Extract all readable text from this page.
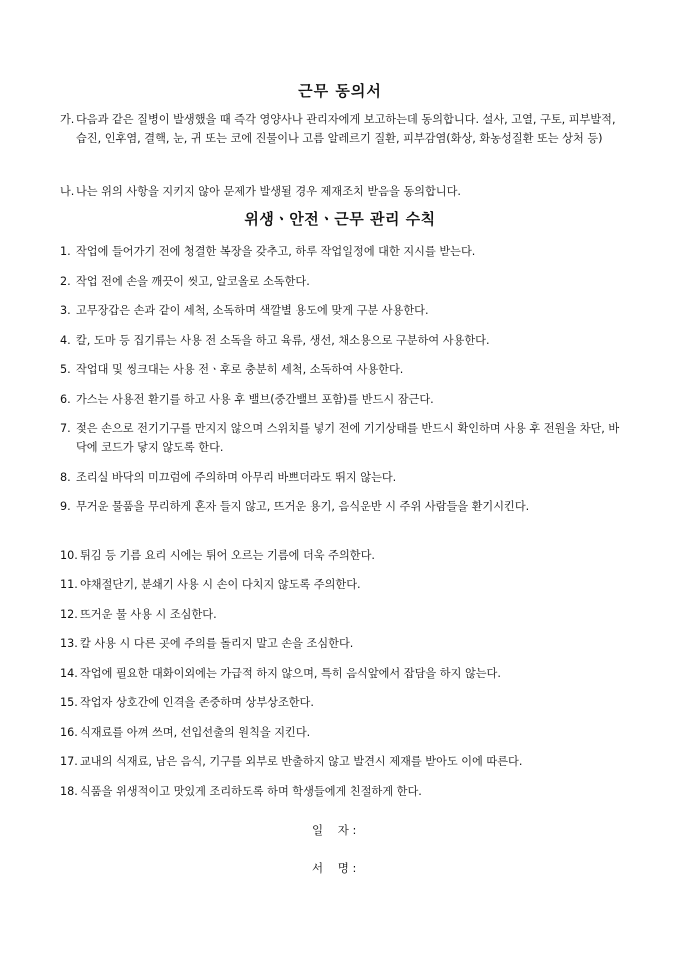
근무 동의서
가. 다음과 같은 질병이 발생했을 때 즉각 영양사나 관리자에게 보고하는데 동의합니다. 설사, 고열, 구토, 피부발적, 습진, 인후염, 결핵, 눈, 귀 또는 코에 진물이나 고름 알레르기 질환, 피부감염(화상, 화농성질환 또는 상처 등)
나. 나는 위의 사항을 지키지 않아 문제가 발생될 경우 제재조치 받음을 동의합니다.
위생ㆍ안전ㆍ근무 관리 수칙
1. 작업에 들어가기 전에 청결한 복장을 갖추고, 하루 작업일정에 대한 지시를 받는다.
2. 작업 전에 손을 깨끗이 씻고, 알코올로 소독한다.
3. 고무장갑은 손과 같이 세척, 소독하며 색깔별 용도에 맞게 구분 사용한다.
4. 칼, 도마 등 집기류는 사용 전 소독을 하고 육류, 생선, 채소용으로 구분하여 사용한다.
5. 작업대 및 씽크대는 사용 전ㆍ후로 충분히 세척, 소독하여 사용한다.
6. 가스는 사용전 환기를 하고 사용 후 밸브(중간밸브 포함)를 반드시 잠근다.
7. 젖은 손으로 전기기구를 만지지 않으며 스위치를 넣기 전에 기기상태를 반드시 확인하며 사용 후 전원을 차단, 바닥에 코드가 닿지 않도록 한다.
8. 조리실 바닥의 미끄럼에 주의하며 아무리 바쁘더라도 뛰지 않는다.
9. 무거운 물품을 무리하게 혼자 들지 않고, 뜨거운 용기, 음식운반 시 주위 사람들을 환기시킨다.
10. 튀김 등 기름 요리 시에는 튀어 오르는 기름에 더욱 주의한다.
11. 야채절단기, 분쇄기 사용 시 손이 다치지 않도록 주의한다.
12. 뜨거운 물 사용 시 조심한다.
13. 칼 사용 시 다른 곳에 주의를 돌리지 말고 손을 조심한다.
14. 작업에 필요한 대화이외에는 가급적 하지 않으며, 특히 음식앞에서 잡담을 하지 않는다.
15. 작업자 상호간에 인격을 존중하며 상부상조한다.
16. 식재료를 아껴 쓰며, 선입선출의 원칙을 지킨다.
17. 교내의 식재료, 남은 음식, 기구를 외부로 반출하지 않고 발견시 제재를 받아도 이에 따른다.
18. 식품을 위생적이고 맛있게 조리하도록 하며 학생들에게 친절하게 한다.
일    자 :
서    명 :
